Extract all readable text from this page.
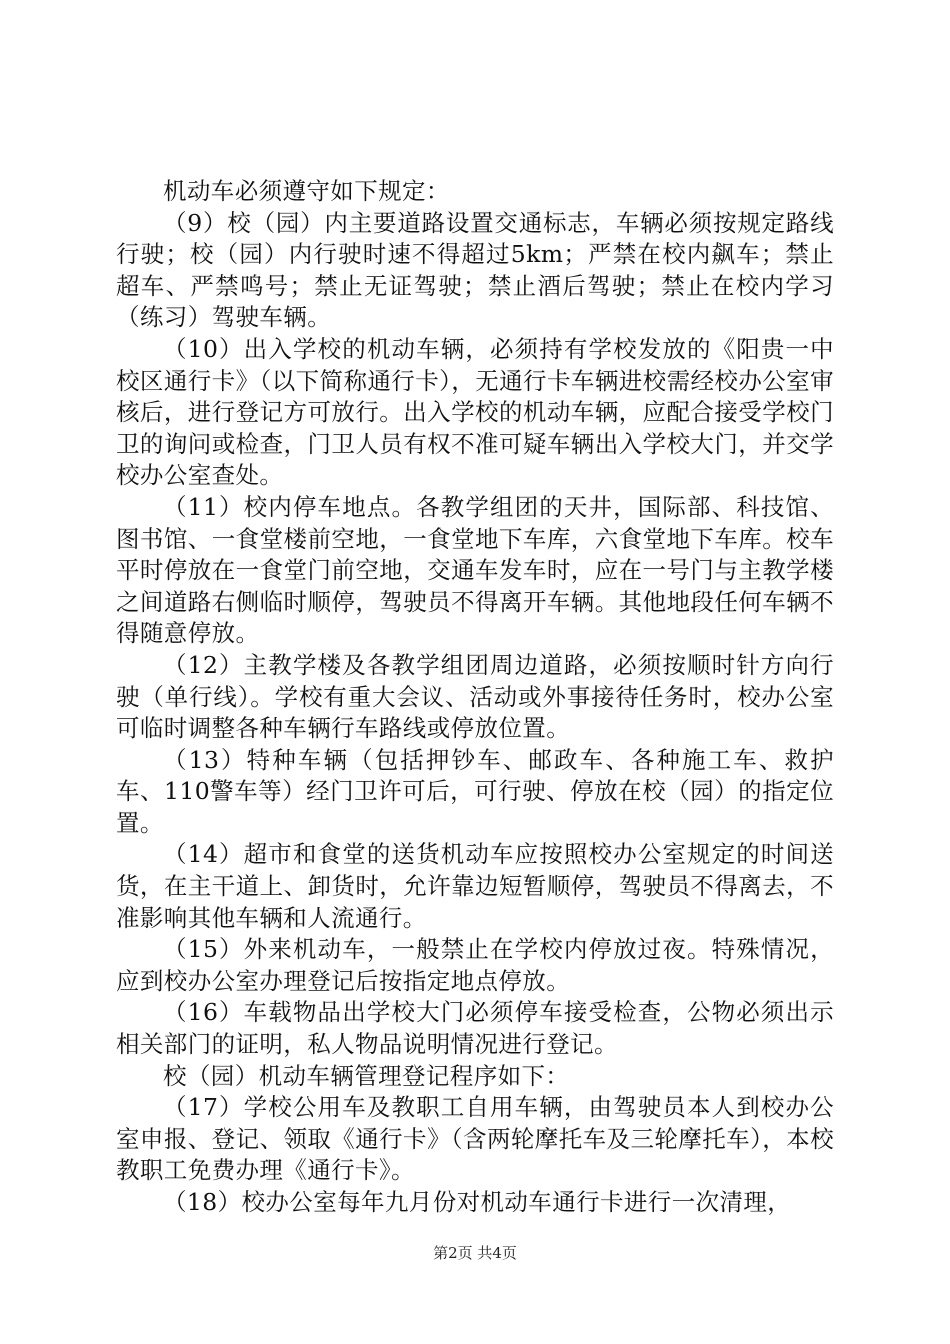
机动车必须遵守如下规定：

（9）校（园）内主要道路设置交通标志，车辆必须按规定路线行驶；校（园）内行驶时速不得超过5km；严禁在校内飙车；禁止超车、严禁鸣号；禁止无证驾驶；禁止酒后驾驶；禁止在校内学习（练习）驾驶车辆。

（10）出入学校的机动车辆，必须持有学校发放的《阳贵一中校区通行卡》（以下简称通行卡），无通行卡车辆进校需经校办公室审核后，进行登记方可放行。出入学校的机动车辆，应配合接受学校门卫的询问或检查，门卫人员有权不准可疑车辆出入学校大门，并交学校办公室查处。

（11）校内停车地点。各教学组团的天井，国际部、科技馆、图书馆、一食堂楼前空地，一食堂地下车库，六食堂地下车库。校车平时停放在一食堂门前空地，交通车发车时，应在一号门与主教学楼之间道路右侧临时顺停，驾驶员不得离开车辆。其他地段任何车辆不得随意停放。

（12）主教学楼及各教学组团周边道路，必须按顺时针方向行驶（单行线）。学校有重大会议、活动或外事接待任务时，校办公室可临时调整各种车辆行车路线或停放位置。

（13）特种车辆（包括押钞车、邮政车、各种施工车、救护车、110警车等）经门卫许可后，可行驶、停放在校（园）的指定位置。

（14）超市和食堂的送货机动车应按照校办公室规定的时间送货，在主干道上、卸货时，允许靠边短暂顺停，驾驶员不得离去，不准影响其他车辆和人流通行。

（15）外来机动车，一般禁止在学校内停放过夜。特殊情况，应到校办公室办理登记后按指定地点停放。

（16）车载物品出学校大门必须停车接受检查，公物必须出示相关部门的证明，私人物品说明情况进行登记。

校（园）机动车辆管理登记程序如下：

（17）学校公用车及教职工自用车辆，由驾驶员本人到校办公室申报、登记、领取《通行卡》（含两轮摩托车及三轮摩托车），本校教职工免费办理《通行卡》。

（18）校办公室每年九月份对机动车通行卡进行一次清理，

第2页 共4页
